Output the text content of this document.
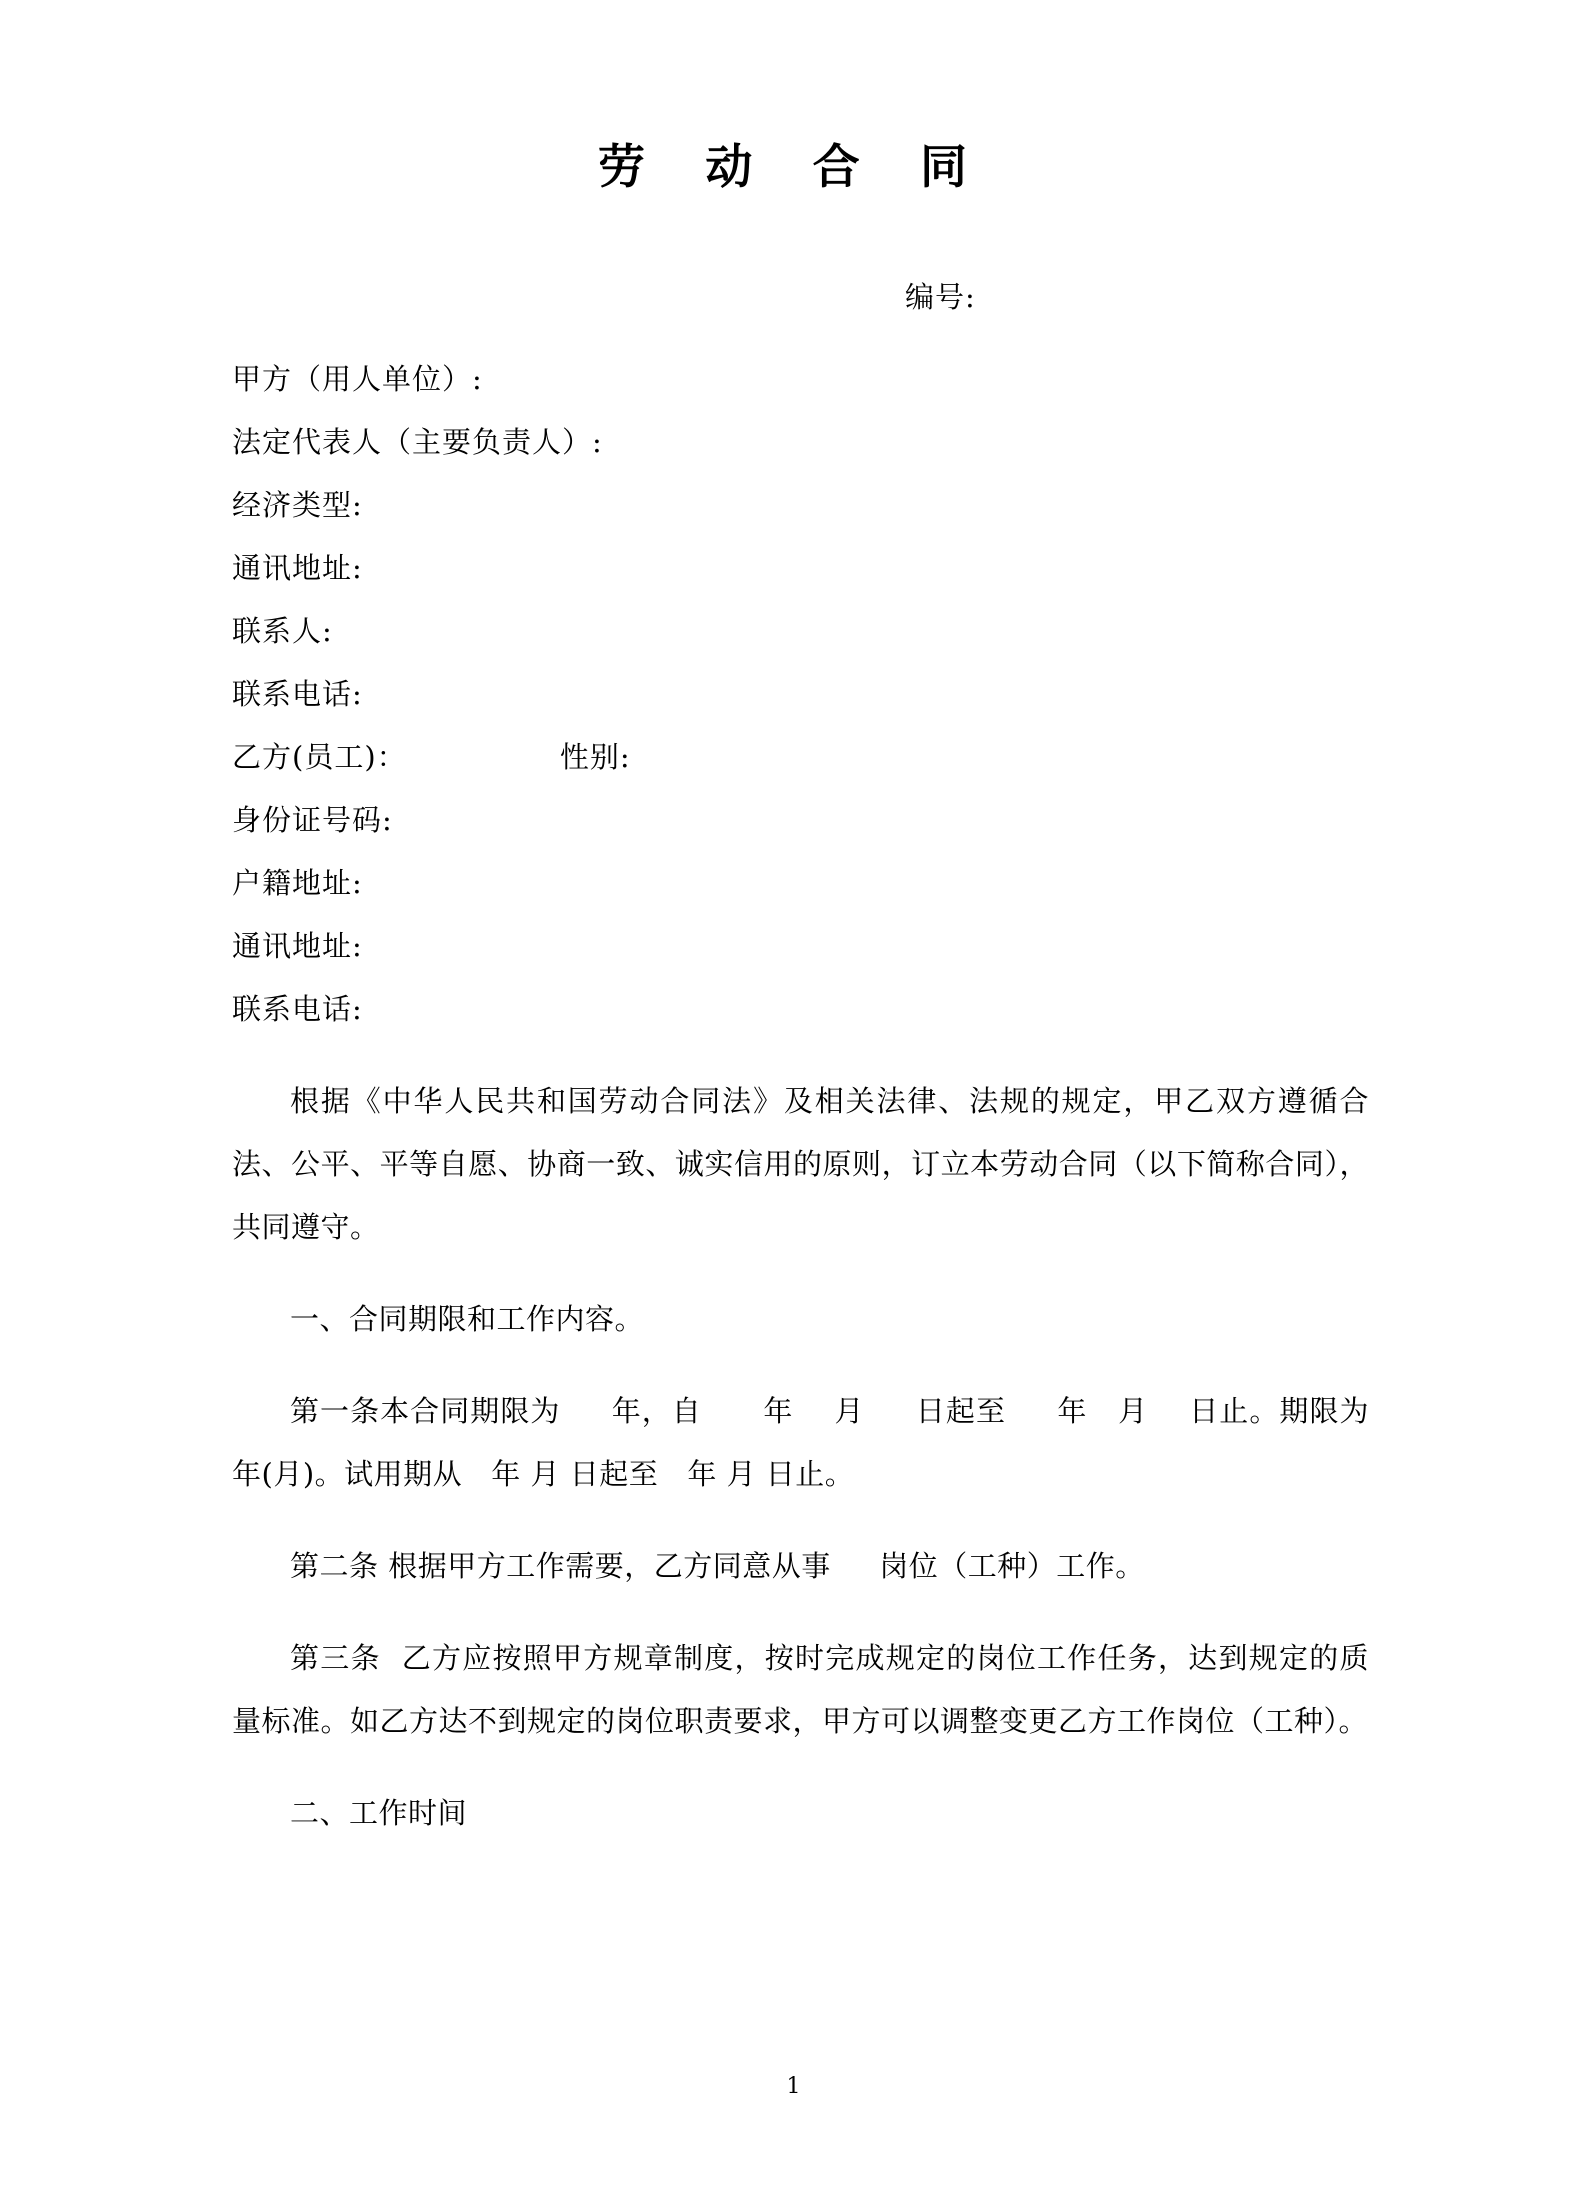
劳 动 合 同
编号:
甲方（用人单位）:
法定代表人（主要负责人）:
经济类型:
通讯地址:
联系人:
联系电话:
乙方(员工)：               性别:
身份证号码:
户籍地址:
通讯地址:
联系电话:

根据《中华人民共和国劳动合同法》及相关法律、法规的规定，甲乙双方遵循合法、公平、平等自愿、协商一致、诚实信用的原则，订立本劳动合同（以下简称合同），共同遵守。

一、合同期限和工作内容。

第一条本合同期限为     年，自      年    月     日起至     年   月    日止。期限为    年(月)。试用期从   年 月 日起至   年 月 日止。

第二条 根据甲方工作需要，乙方同意从事     岗位（工种）工作。

第三条  乙方应按照甲方规章制度，按时完成规定的岗位工作任务，达到规定的质量标准。如乙方达不到规定的岗位职责要求，甲方可以调整变更乙方工作岗位（工种）。

二、工作时间

1
